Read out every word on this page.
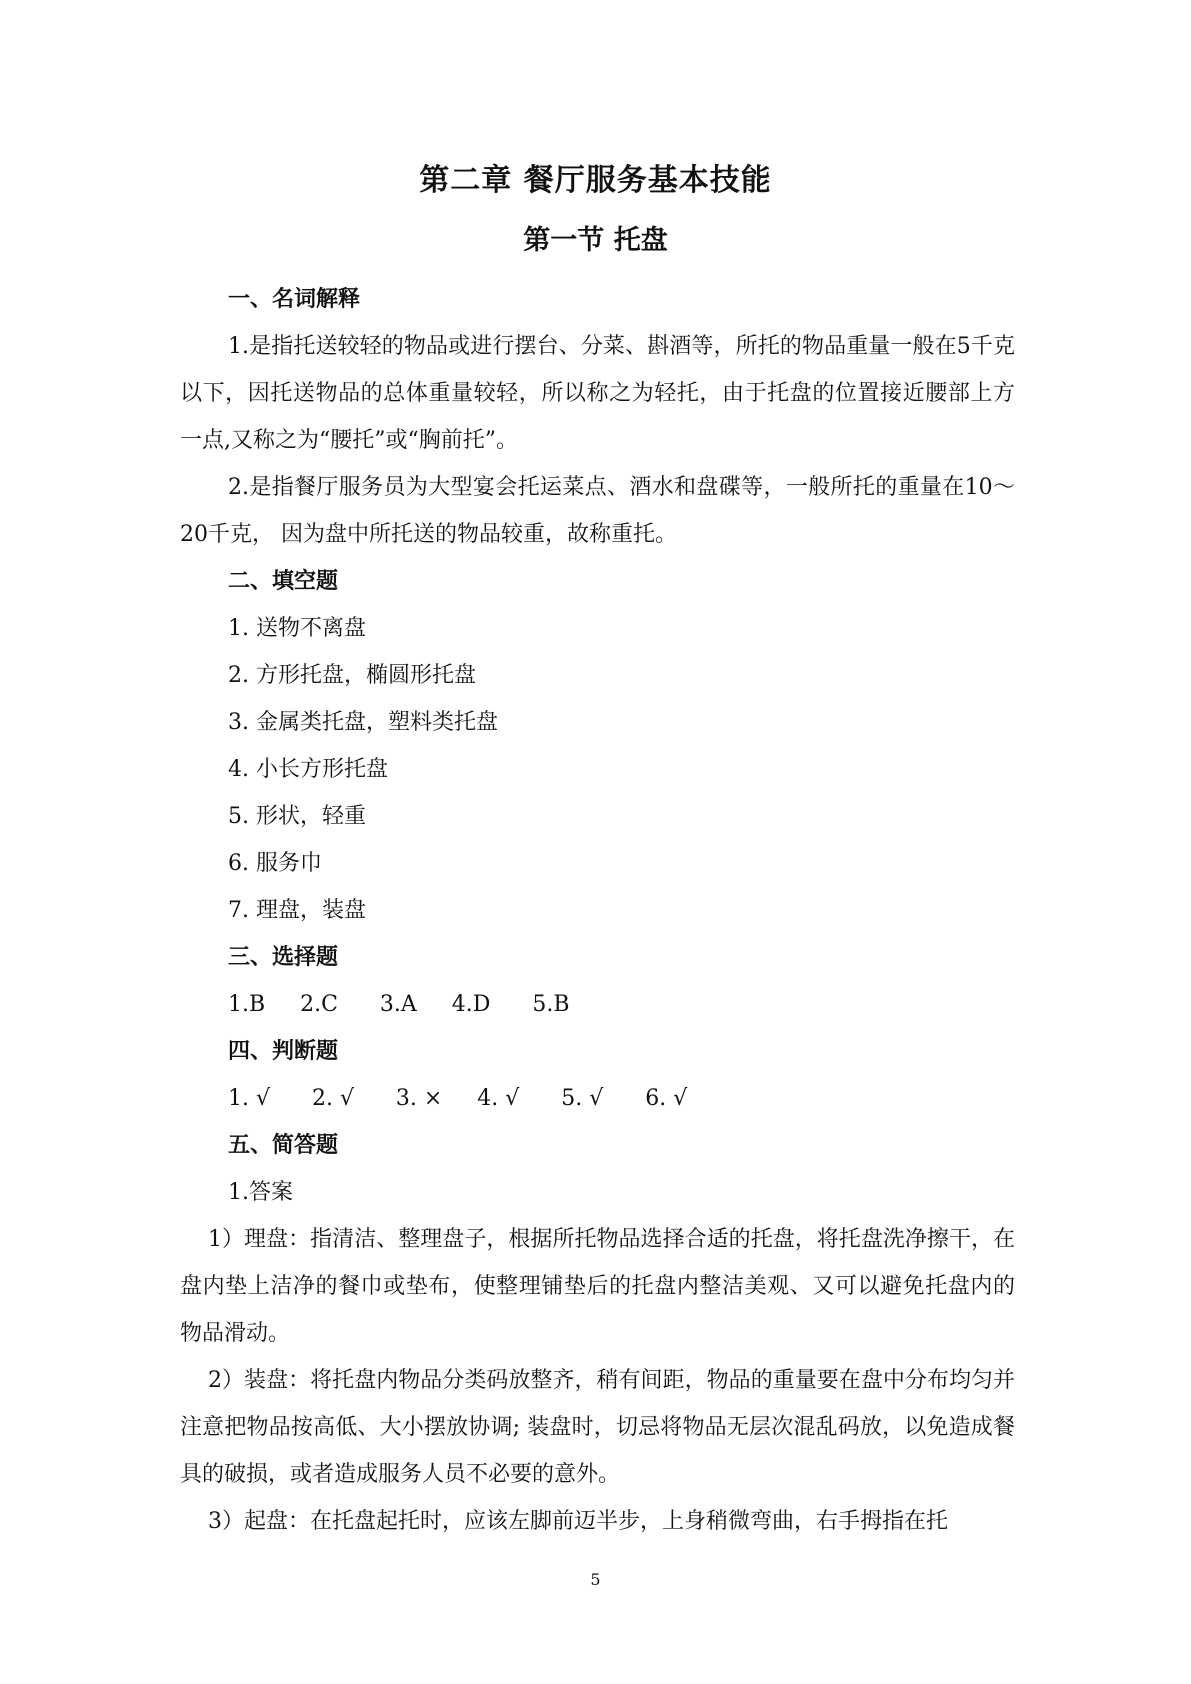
第二章 餐厅服务基本技能
第一节 托盘
一、名词解释
1.是指托送较轻的物品或进行摆台、分菜、斟酒等，所托的物品重量一般在5千克以下，因托送物品的总体重量较轻，所以称之为轻托，由于托盘的位置接近腰部上方一点,又称之为“腰托”或“胸前托”。
2.是指餐厅服务员为大型宴会托运菜点、酒水和盘碟等，一般所托的重量在10～20千克， 因为盘中所托送的物品较重，故称重托。
二、填空题
1. 送物不离盘
2. 方形托盘，椭圆形托盘
3. 金属类托盘，塑料类托盘
4. 小长方形托盘
5. 形状，轻重
6. 服务巾
7. 理盘，装盘
三、选择题
1.B     2.C      3.A     4.D      5.B
四、判断题
1. √      2. √      3. ×     4. √      5. √      6. √
五、简答题
1.答案
1）理盘：指清洁、整理盘子，根据所托物品选择合适的托盘，将托盘洗净擦干，在盘内垫上洁净的餐巾或垫布，使整理铺垫后的托盘内整洁美观、又可以避免托盘内的物品滑动。
2）装盘：将托盘内物品分类码放整齐，稍有间距，物品的重量要在盘中分布均匀并注意把物品按高低、大小摆放协调; 装盘时，切忌将物品无层次混乱码放，以免造成餐具的破损，或者造成服务人员不必要的意外。
3）起盘：在托盘起托时，应该左脚前迈半步，上身稍微弯曲，右手拇指在托
5
